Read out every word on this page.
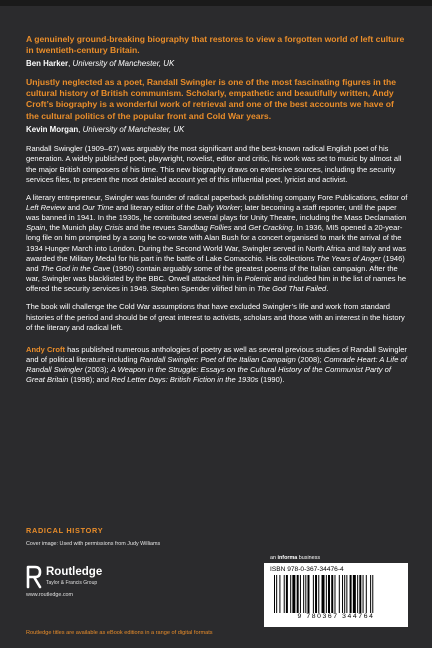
A genuinely ground-breaking biography that restores to view a forgotten world of left culture in twentieth-century Britain.

Ben Harker, University of Manchester, UK

Unjustly neglected as a poet, Randall Swingler is one of the most fascinating figures in the cultural history of British communism. Scholarly, empathetic and beautifully written, Andy Croft’s biography is a wonderful work of retrieval and one of the best accounts we have of the cultural politics of the popular front and Cold War years.

Kevin Morgan, University of Manchester, UK

Randall Swingler (1909–67) was arguably the most significant and the best-known radical English poet of his generation. A widely published poet, playwright, novelist, editor and critic, his work was set to music by almost all the major British composers of his time. This new biography draws on extensive sources, including the security services files, to present the most detailed account yet of this influential poet, lyricist and activist.

A literary entrepreneur, Swingler was founder of radical paperback publishing company Fore Publications, editor of Left Review and Our Time and literary editor of the Daily Worker; later becoming a staff reporter, until the paper was banned in 1941. In the 1930s, he contributed several plays for Unity Theatre, including the Mass Declamation Spain, the Munich play Crisis and the revues Sandbag Follies and Get Cracking. In 1936, MI5 opened a 20-year-long file on him prompted by a song he co-wrote with Alan Bush for a concert organised to mark the arrival of the 1934 Hunger March into London. During the Second World War, Swingler served in North Africa and Italy and was awarded the Military Medal for his part in the battle of Lake Comacchio. His collections The Years of Anger (1946) and The God in the Cave (1950) contain arguably some of the greatest poems of the Italian campaign. After the war, Swingler was blacklisted by the BBC. Orwell attacked him in Polemic and included him in the list of names he offered the security services in 1949. Stephen Spender vilified him in The God That Failed.

The book will challenge the Cold War assumptions that have excluded Swingler’s life and work from standard histories of the period and should be of great interest to activists, scholars and those with an interest in the history of the literary and radical left.

Andy Croft has published numerous anthologies of poetry as well as several previous studies of Randall Swingler and of political literature including Randall Swingler: Poet of the Italian Campaign (2008); Comrade Heart: A Life of Randall Swingler (2003); A Weapon in the Struggle: Essays on the Cultural History of the Communist Party of Great Britain (1998); and Red Letter Days: British Fiction in the 1930s (1990).

RADICAL HISTORY
Cover image: Used with permissions from Judy Williams
Routledge
Taylor & Francis Group
www.routledge.com
an informa business
ISBN 978-0-367-34476-4
9 780367 344764
Routledge titles are available as eBook editions in a range of digital formats
